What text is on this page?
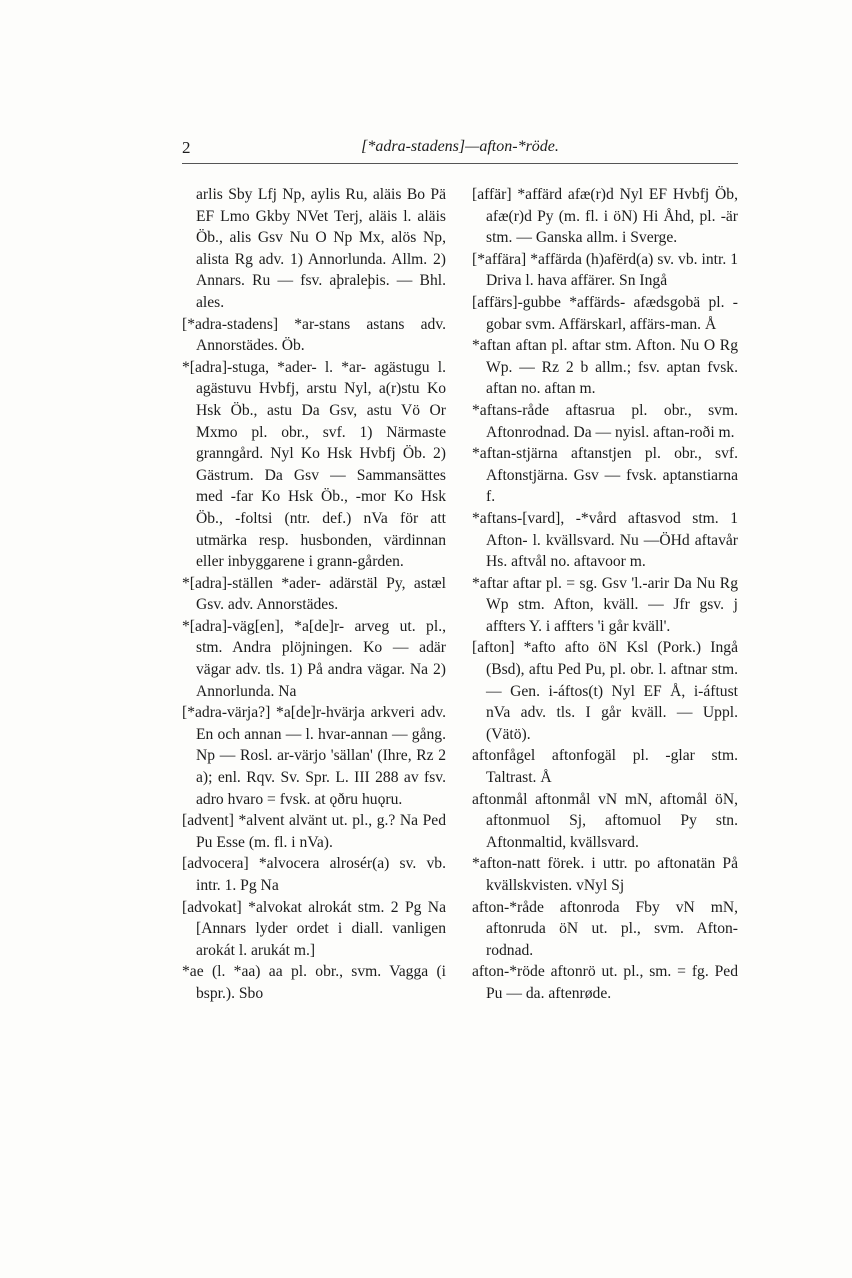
2	[*adra-stadens]—afton-*röde.

arlis Sby Lfj Np, aylis Ru, aläis Bo Pä EF Lmo Gkby NVet Terj, aläis l. aläis Öb., alis Gsv Nu O Np Mx, alös Np, alista Rg adv. 1) Annorlunda. Allm. 2) Annars. Ru — fsv. aþraleþis. — Bhl. ales.

[*adra-stadens] *ar-stans astans adv. Annorstädes. Öb.

*[adra]-stuga, *ader- l. *ar- agästugu l. agästuvu Hvbfj, arstu Nyl, a(r)stu Ko Hsk Öb., astu Da Gsv, astu Vö Or Mxmo pl. obr., svf. 1) Närmaste granngård. Nyl Ko Hsk Hvbfj Öb. 2) Gästrum. Da Gsv — Sammansättes med -far Ko Hsk Öb., -mor Ko Hsk Öb., -foltsi (ntr. def.) nVa för att utmärka resp. husbonden, värdinnan eller inbyggarene i grann-gården.

*[adra]-ställen *ader- adärstäl Py, astæl Gsv. adv. Annorstädes.

*[adra]-väg[en], *a[de]r- arveg ut. pl., stm. Andra plöjningen. Ko — adär vägar adv. tls. 1) På andra vägar. Na 2) Annorlunda. Na

[*adra-värja?] *a[de]r-hvärja arkveri adv. En och annan — l. hvar-annan — gång. Np — Rosl. ar-värjo 'sällan' (Ihre, Rz 2 a); enl. Rqv. Sv. Spr. L. III 288 av fsv. adro hvaro = fvsk. at ǫðru huǫru.

[advent] *alvent alvänt ut. pl., g.? Na Ped Pu Esse (m. fl. i nVa).

[advocera] *alvocera alrosér(a) sv. vb. intr. 1. Pg Na

[advokat] *alvokat alrokát stm. 2 Pg Na [Annars lyder ordet i diall. vanligen arokát l. arukát m.]

*ae (l. *aa) aa pl. obr., svm. Vagga (i bspr.). Sbo

[affär] *affärd afæ(r)d Nyl EF Hvbfj Öb, afæ(r)d Py (m. fl. i öN) Hi Åhd, pl. -är stm. — Ganska allm. i Sverge.

[*affära] *affärda (h)afërd(a) sv. vb. intr. 1 Driva l. hava affärer. Sn Ingå

[affärs]-gubbe *affärds- afædsgobä pl. -gobar svm. Affärskarl, affärs-man. Å

*aftan aftan pl. aftar stm. Afton. Nu O Rg Wp. — Rz 2 b allm.; fsv. aptan fvsk. aftan no. aftan m.

*aftans-råde aftasrua pl. obr., svm. Aftonrodnad. Da — nyisl. aftan-roði m.

*aftan-stjärna aftanstjen pl. obr., svf. Aftonstjärna. Gsv — fvsk. aptanstiarna f.

*aftans-[vard], -*vård aftasvod stm. 1 Afton- l. kvällsvard. Nu —ÖHd aftavår Hs. aftvål no. aftavoor m.

*aftar aftar pl. = sg. Gsv 'l.-arir Da Nu Rg Wp stm. Afton, kväll. — Jfr gsv. j affters Y. i affters 'i går kväll'.

[afton] *afto afto öN Ksl (Pork.) Ingå (Bsd), aftu Ped Pu, pl. obr. l. aftnar stm. — Gen. i-áftos(t) Nyl EF Å, i-áftust nVa adv. tls. I går kväll. — Uppl. (Vätö).

aftonfågel aftonfogäl pl. -glar stm. Taltrast. Å

aftonmål aftonmål vN mN, aftomål öN, aftonmuol Sj, aftomuol Py stn. Aftonmaltid, kvällsvard.

*afton-natt förek. i uttr. po aftonatän På kvällskvisten. vNyl Sj

afton-*råde aftonroda Fby vN mN, aftonruda öN ut. pl., svm. Afton-rodnad.

afton-*röde aftonrö ut. pl., sm. = fg. Ped Pu — da. aftenrøde.
